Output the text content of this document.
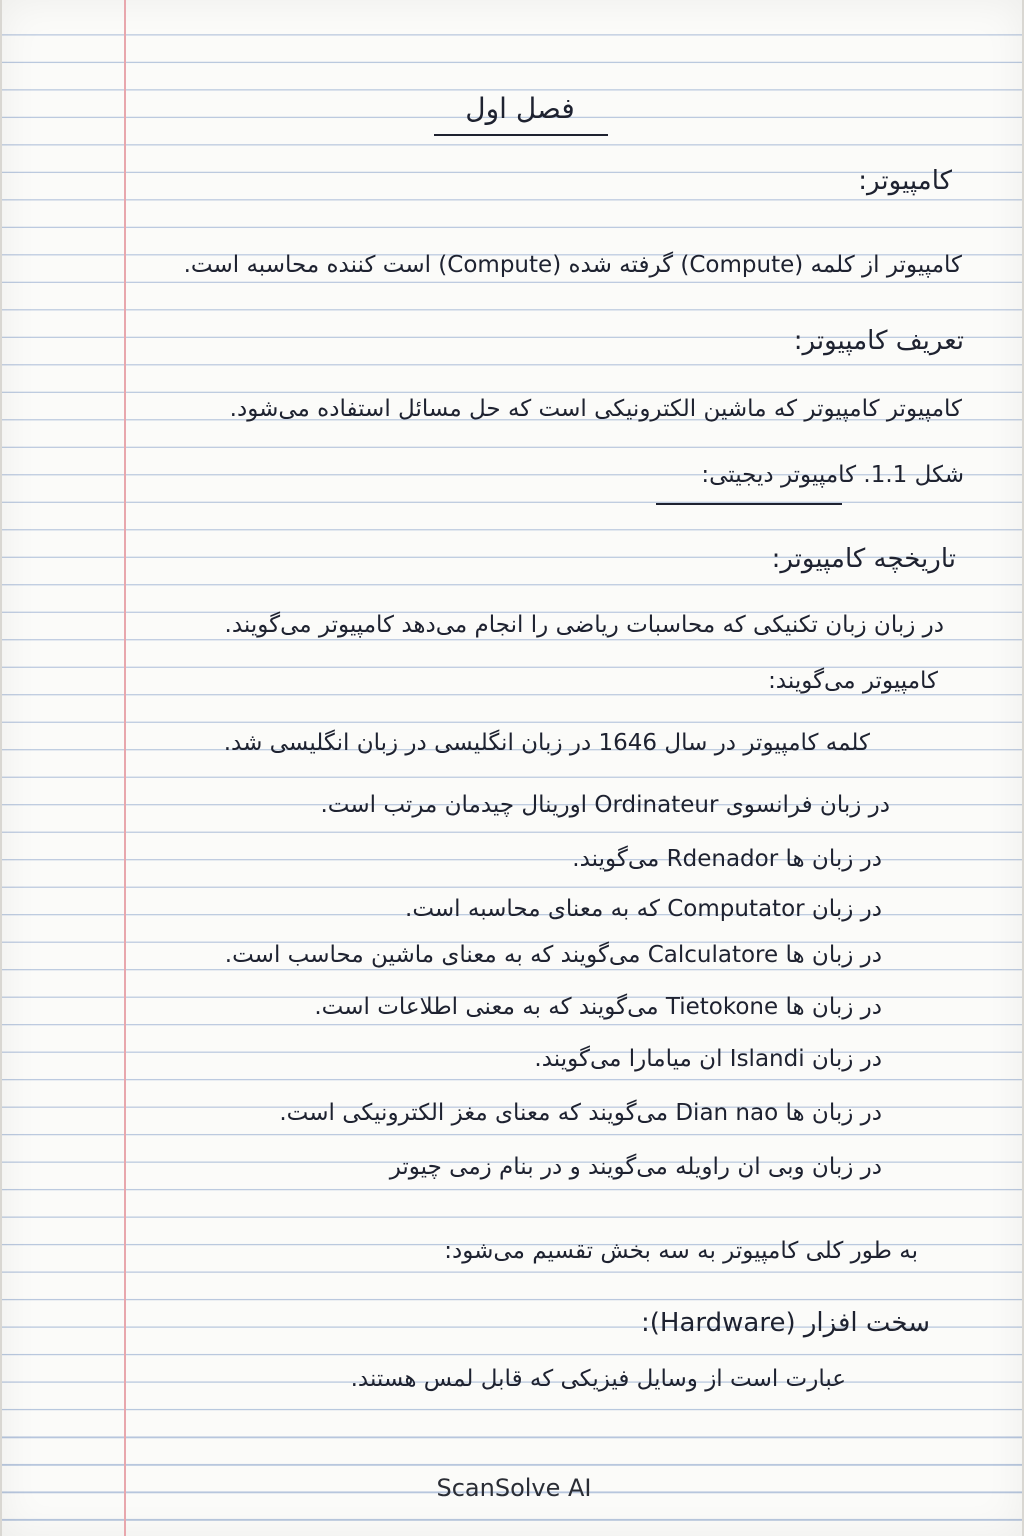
فصل اول
کامپیوتر:
کامپیوتر از کلمه (Compute) گرفته شده (Compute) است کننده محاسبه است.
تعریف کامپیوتر:
کامپیوتر کامپیوتر که ماشین الکترونیکی است که حل مسائل استفاده می‌شود.
شکل 1.1. کامپیوتر دیجیتی:
تاریخچه کامپیوتر:
در زبان زبان تکنیکی که محاسبات ریاضی را انجام می‌دهد کامپیوتر می‌گویند.
کامپیوتر می‌گویند:
کلمه کامپیوتر در سال 1646 در زبان انگلیسی در زبان انگلیسی شد.
در زبان فرانسوی Ordinateur اورینال چیدمان مرتب است.
در زبان ها Rdenador می‌گویند.
در زبان Computator که به معنای محاسبه است.
در زبان ها Calculatore می‌گویند که به معنای ماشین محاسب است.
در زبان ها Tietokone می‌گویند که به معنی اطلاعات است.
در زبان Islandi ان میامارا می‌گویند.
در زبان ها Dian nao می‌گویند که معنای مغز الکترونیکی است.
در زبان وبی ان راویله می‌گویند و در بنام زمی چیوتر
به طور کلی کامپیوتر به سه بخش تقسیم می‌شود:
سخت افزار (Hardware):
عبارت است از وسایل فیزیکی که قابل لمس هستند.
ScanSolve AI
